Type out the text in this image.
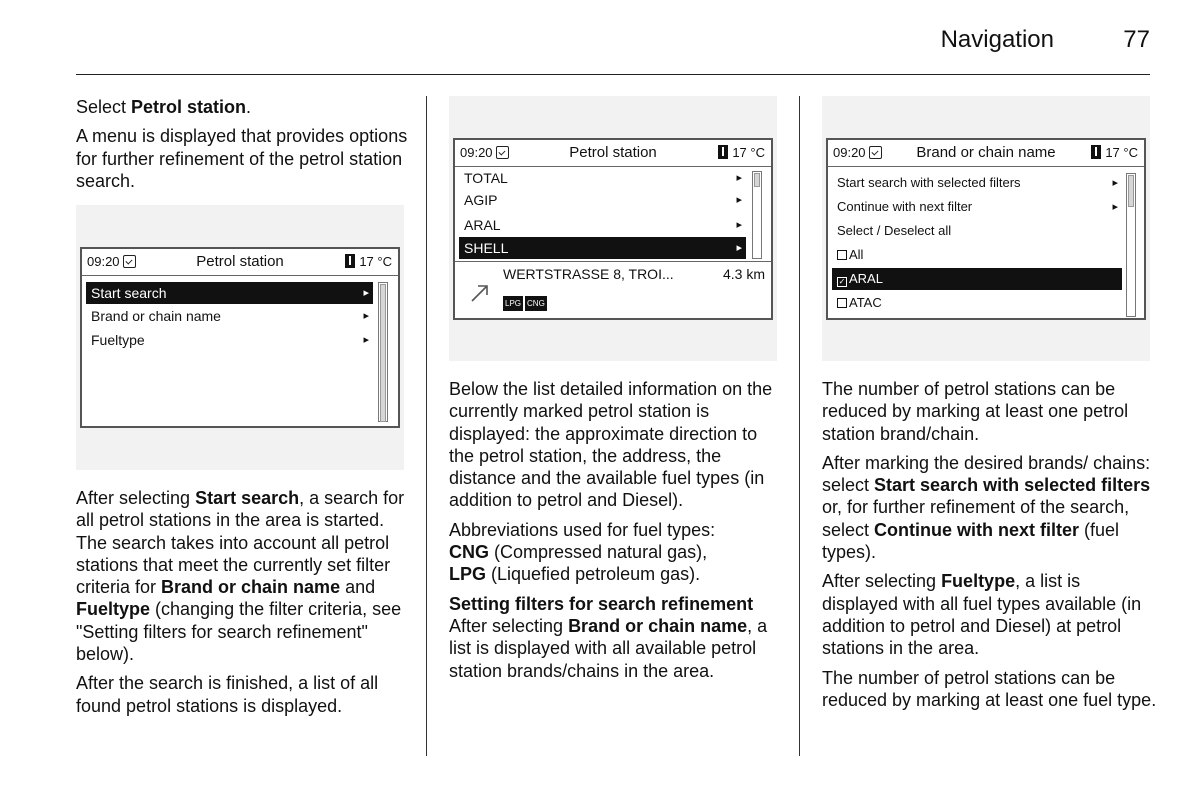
Navigation	77

Select Petrol station.

A menu is displayed that provides options for further refinement of the petrol station search.

09:20	Petrol station	17 °C
Start search	▸
Brand or chain name	▸
Fueltype	▸

After selecting Start search, a search for all petrol stations in the area is started. The search takes into account all petrol stations that meet the currently set filter criteria for Brand or chain name and Fueltype (changing the filter criteria, see "Setting filters for search refinement" below).

After the search is finished, a list of all found petrol stations is displayed.

09:20	Petrol station	17 °C
TOTAL	▸
AGIP	▸
ARAL	▸
SHELL	▸
WERTSTRASSE 8, TROI...	4.3 km
LPG CNG

Below the list detailed information on the currently marked petrol station is displayed: the approximate direction to the petrol station, the address, the distance and the available fuel types (in addition to petrol and Diesel).

Abbreviations used for fuel types:
CNG (Compressed natural gas),
LPG (Liquefied petroleum gas).

Setting filters for search refinement
After selecting Brand or chain name, a list is displayed with all available petrol station brands/chains in the area.

09:20	Brand or chain name	17 °C
Start search with selected filters	▸
Continue with next filter	▸
Select / Deselect all
All
✓ ARAL
ATAC

The number of petrol stations can be reduced by marking at least one petrol station brand/chain.

After marking the desired brands/ chains: select Start search with selected filters or, for further refinement of the search, select Continue with next filter (fuel types).

After selecting Fueltype, a list is displayed with all fuel types available (in addition to petrol and Diesel) at petrol stations in the area.

The number of petrol stations can be reduced by marking at least one fuel type.
